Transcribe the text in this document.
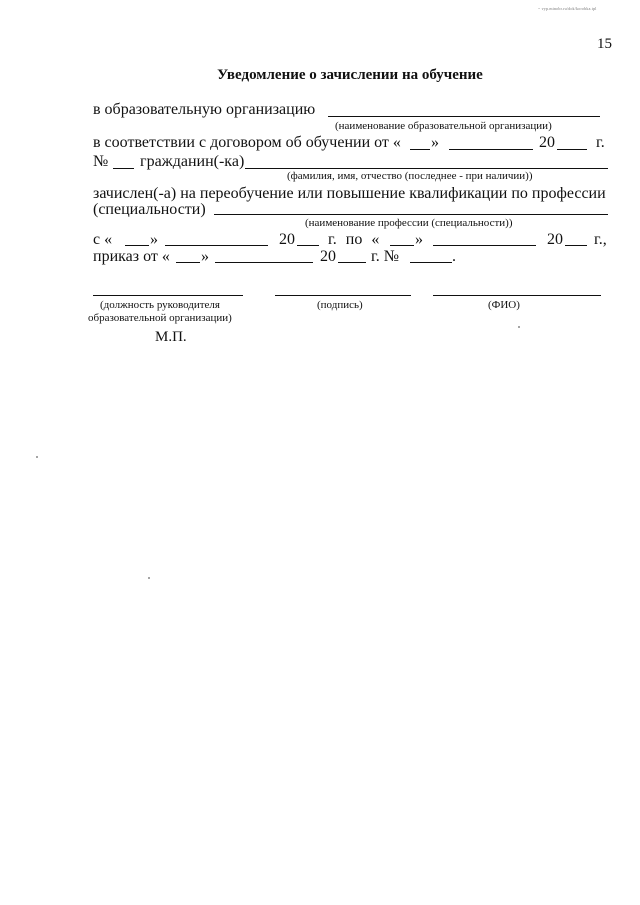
~ vyp.minobr.ru/dok/korobka.tpl
15
Уведомление о зачислении на обучение
в образовательную организацию
(наименование образовательной организации)
в соответствии с договором об обучении от « »	20	г.
№ гражданин(-ка)
(фамилия, имя, отчество (последнее - при наличии))
зачислен(-а) на переобучение или повышение квалификации по профессии
(специальности)
(наименование профессии (специальности))
с « »	20 г. по « »	20 г.,
приказ от « »	20 г. №	.
(должность руководителя
образовательной организации)
(подпись)	(ФИО)
М.П.
